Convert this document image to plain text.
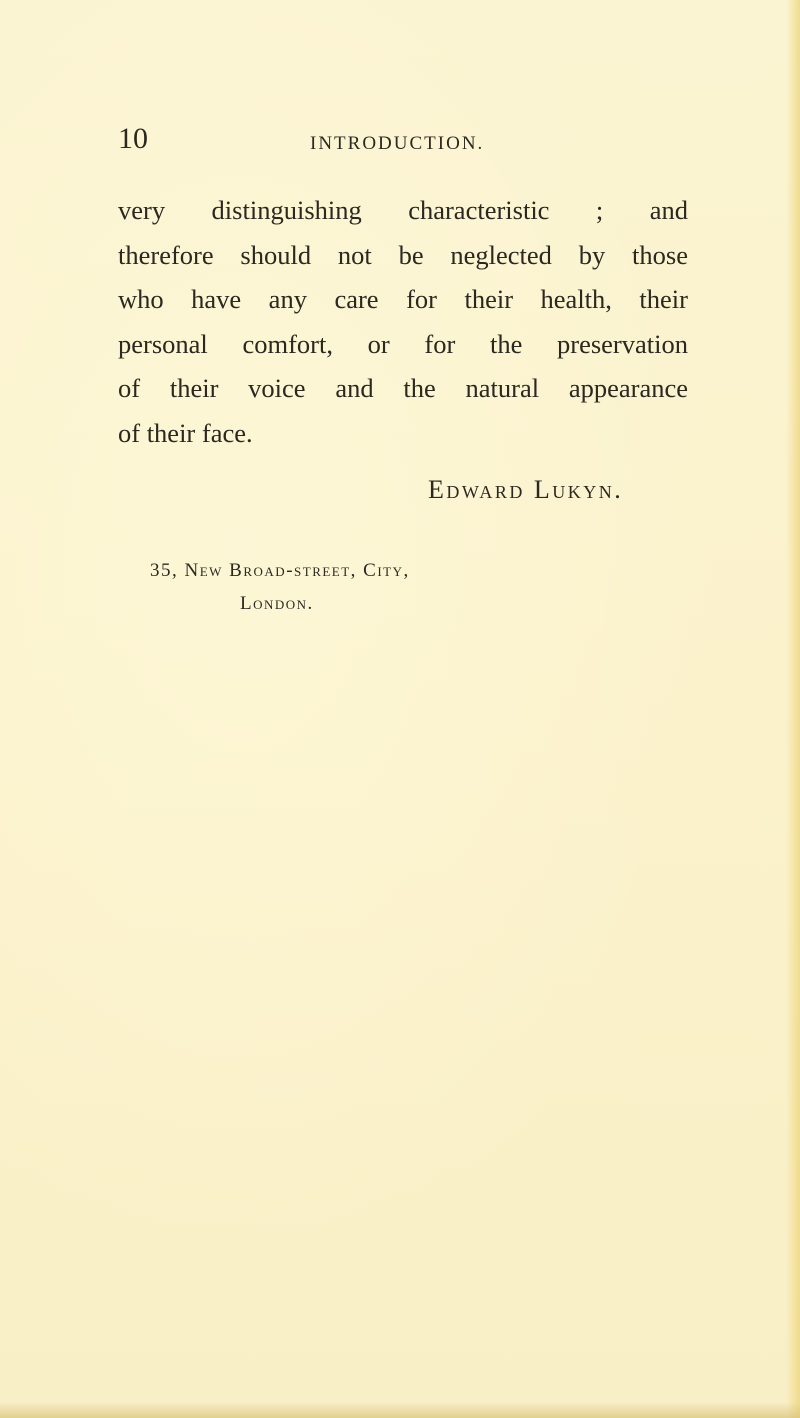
10	INTRODUCTION.
very distinguishing characteristic ; and
therefore should not be neglected by those
who have any care for their health, their
personal comfort, or for the preservation
of their voice and the natural appearance
of their face.
Edward Lukyn.
35, New Broad-street, City,
London.
